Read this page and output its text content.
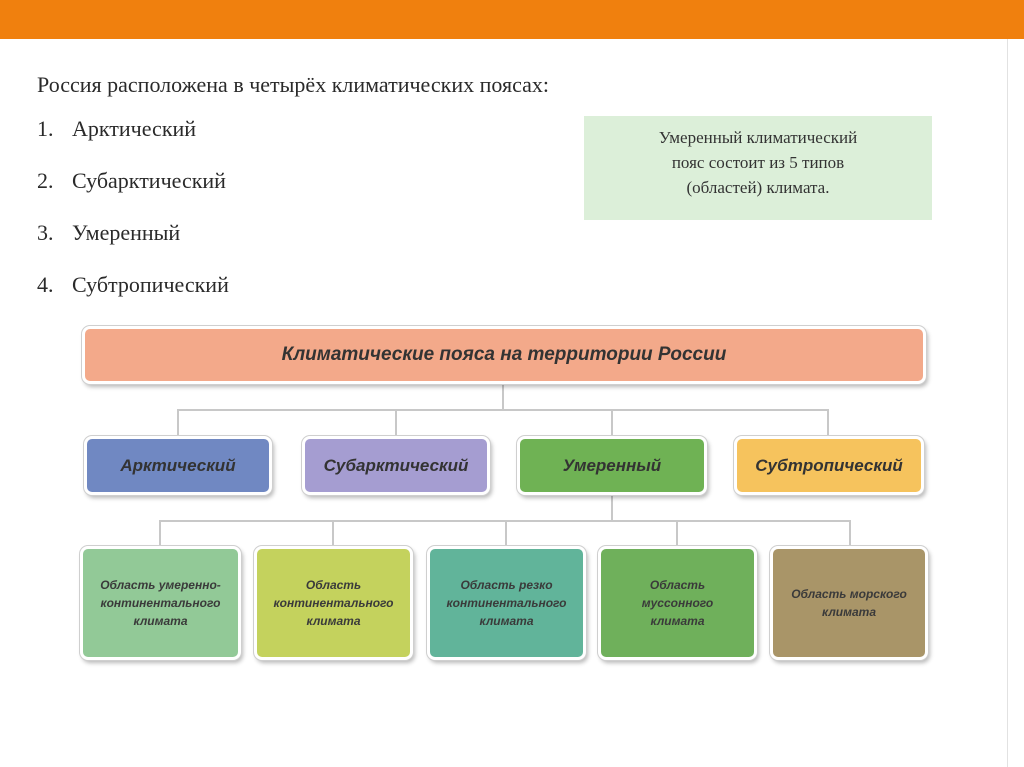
Россия расположена в четырёх климатических поясах:
1. Арктический
2. Субарктический
3. Умеренный
4. Субтропический
Умеренный климатический
пояс состоит из 5 типов
(областей) климата.
Климатические пояса на территории России
Арктический	Субарктический	Умеренный	Субтропический
Область умеренно-
континентального
климата
Область
континентального
климата
Область резко
континентального
климата
Область
муссонного
климата
Область морского
климата
